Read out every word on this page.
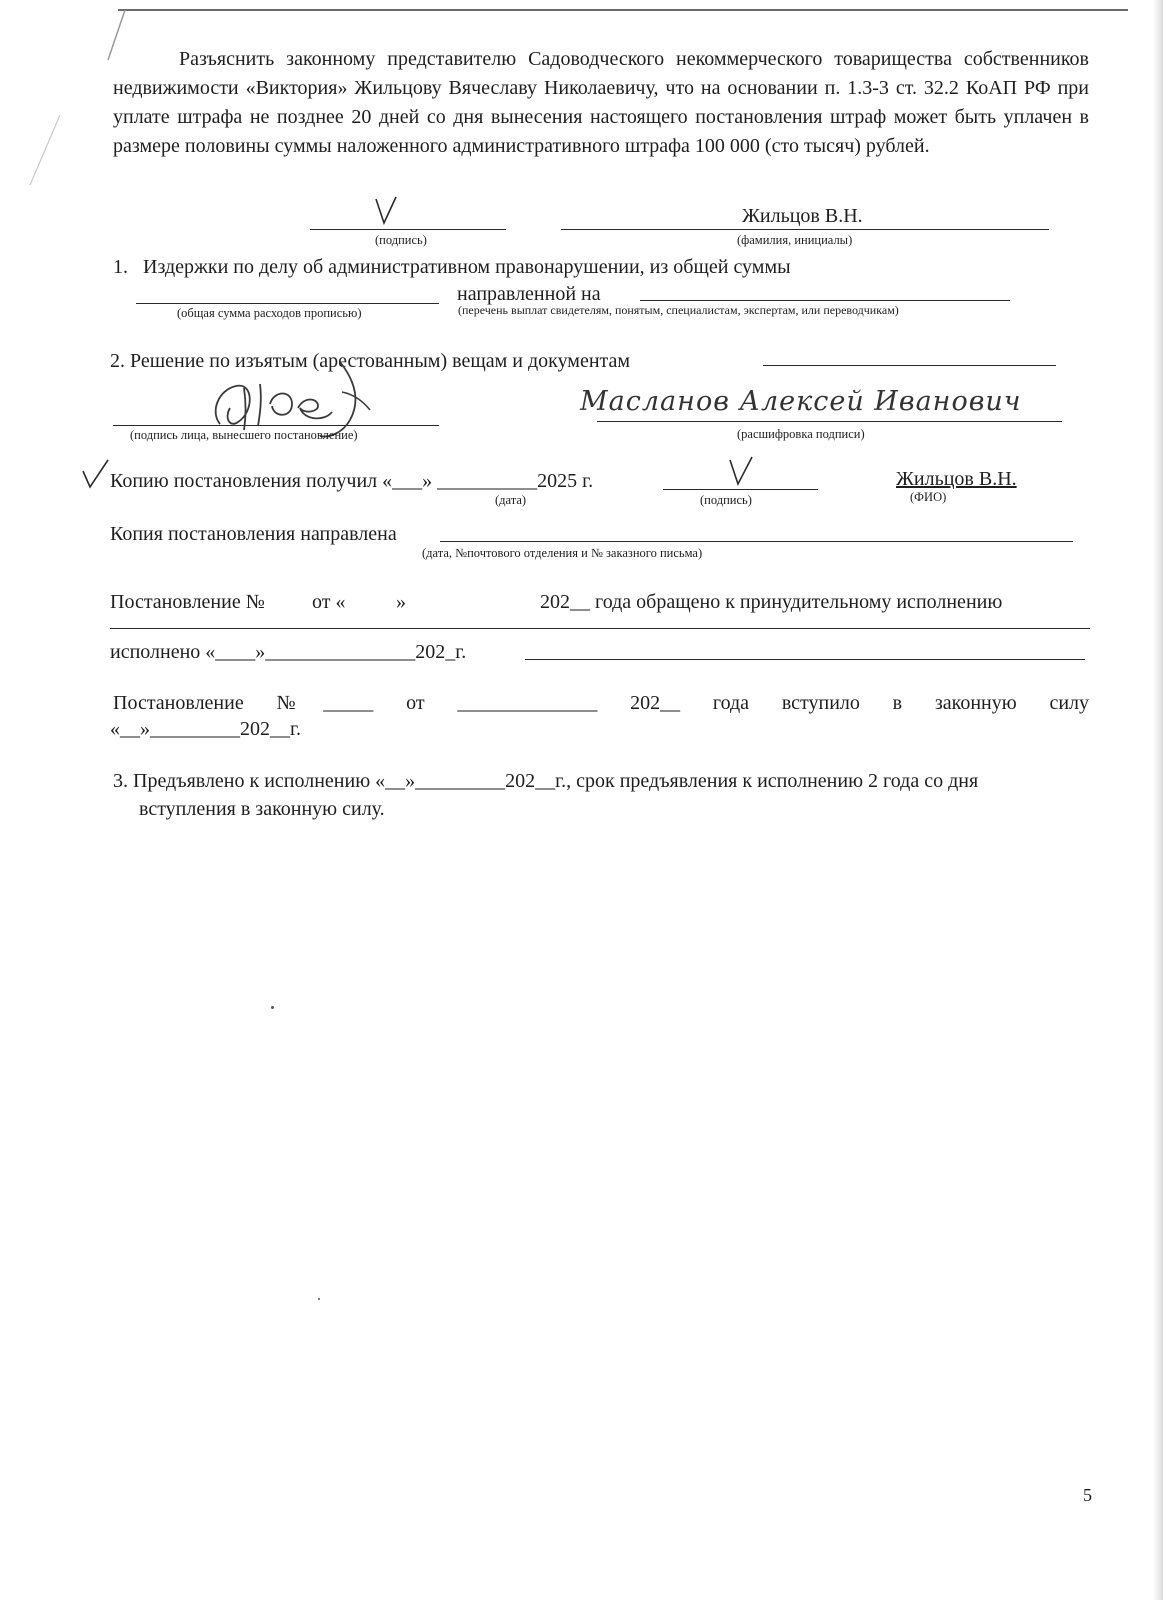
Разъяснить законному представителю Садоводческого некоммерческого товарищества собственников недвижимости «Виктория» Жильцову Вячеславу Николаевичу, что на основании п. 1.3-3 ст. 32.2 КоАП РФ при уплате штрафа не позднее 20 дней со дня вынесения настоящего постановления штраф может быть уплачен в размере половины суммы наложенного административного штрафа 100 000 (сто тысяч) рублей.
(подпись)
Жильцов В.Н.
(фамилия, инициалы)
1. Издержки по делу об административном правонарушении, из общей суммы
направленной на
(общая сумма расходов прописью)	(перечень выплат свидетелям, понятым, специалистам, экспертам, или переводчикам)
2. Решение по изъятым (арестованным) вещам и документам
(подпись лица, вынесшего постановление)
Масланов Алексей Иванович
(расшифровка подписи)
Копию постановления получил «___» __________2025 г.
(дата)	(подпись)
Жильцов В.Н.
(ФИО)
Копия постановления направлена
(дата, №почтового отделения и № заказного письма)
Постановление № от «	»	202__ года обращено к принудительному исполнению
исполнено «____»_______________202_г.
Постановление №_____ от ______________ 202__ года вступило в законную силу
«__»_________202__г.
3. Предъявлено к исполнению «__»_________202__г., срок предъявления к исполнению 2 года со дня
вступления в законную силу.
5
